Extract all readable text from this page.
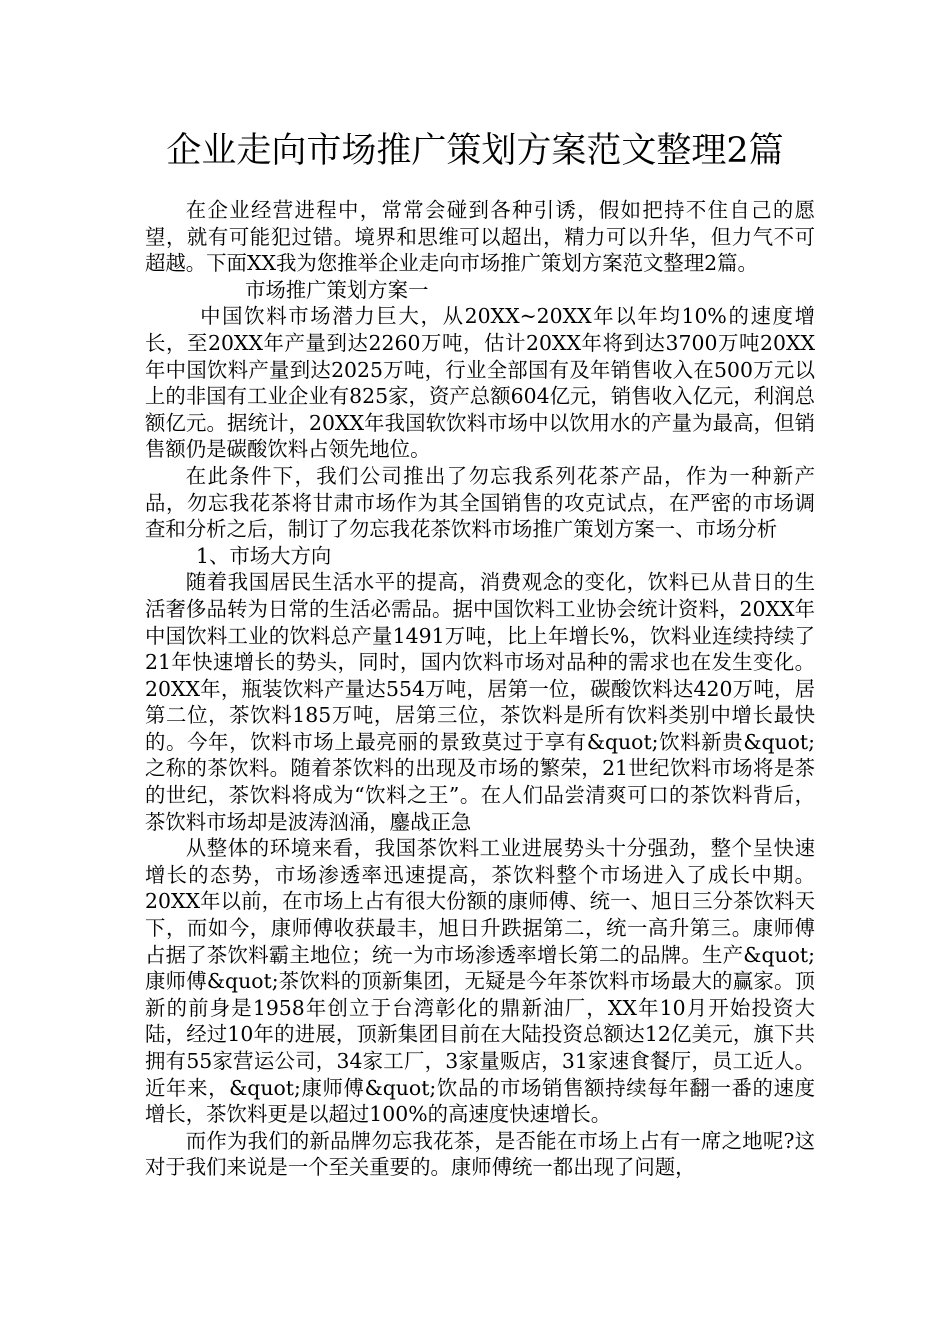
企业走向市场推广策划方案范文整理2篇

在企业经营进程中，常常会碰到各种引诱，假如把持不住自己的愿望，就有可能犯过错。境界和思维可以超出，精力可以升华，但力气不可超越。下面XX我为您推举企业走向市场推广策划方案范文整理2篇。

市场推广策划方案一

中国饮料市场潜力巨大，从20XX~20XX年以年均10%的速度增长，至20XX年产量到达2260万吨，估计20XX年将到达3700万吨20XX年中国饮料产量到达2025万吨，行业全部国有及年销售收入在500万元以上的非国有工业企业有825家，资产总额604亿元，销售收入亿元，利润总额亿元。据统计，20XX年我国软饮料市场中以饮用水的产量为最高，但销售额仍是碳酸饮料占领先地位。

在此条件下，我们公司推出了勿忘我系列花茶产品，作为一种新产品，勿忘我花茶将甘肃市场作为其全国销售的攻克试点，在严密的市场调查和分析之后，制订了勿忘我花茶饮料市场推广策划方案一、市场分析

1、市场大方向

随着我国居民生活水平的提高，消费观念的变化，饮料已从昔日的生活奢侈品转为日常的生活必需品。据中国饮料工业协会统计资料，20XX年中国饮料工业的饮料总产量1491万吨，比上年增长%，饮料业连续持续了21年快速增长的势头，同时，国内饮料市场对品种的需求也在发生变化。20XX年，瓶装饮料产量达554万吨，居第一位，碳酸饮料达420万吨，居第二位，茶饮料185万吨，居第三位，茶饮料是所有饮料类别中增长最快的。今年，饮料市场上最亮丽的景致莫过于享有&quot;饮料新贵&quot;之称的茶饮料。随着茶饮料的出现及市场的繁荣，21世纪饮料市场将是茶的世纪，茶饮料将成为“饮料之王”。在人们品尝清爽可口的茶饮料背后，茶饮料市场却是波涛汹涌，鏖战正急

从整体的环境来看，我国茶饮料工业进展势头十分强劲，整个呈快速增长的态势，市场渗透率迅速提高，茶饮料整个市场进入了成长中期。20XX年以前，在市场上占有很大份额的康师傅、统一、旭日三分茶饮料天下，而如今，康师傅收获最丰，旭日升跌据第二，统一高升第三。康师傅占据了茶饮料霸主地位；统一为市场渗透率增长第二的品牌。生产&quot;康师傅&quot;茶饮料的顶新集团，无疑是今年茶饮料市场最大的赢家。顶新的前身是1958年创立于台湾彰化的鼎新油厂，XX年10月开始投资大陆，经过10年的进展，顶新集团目前在大陆投资总额达12亿美元，旗下共拥有55家营运公司，34家工厂，3家量贩店，31家速食餐厅，员工近人。近年来，&quot;康师傅&quot;饮品的市场销售额持续每年翻一番的速度增长，茶饮料更是以超过100%的高速度快速增长。

而作为我们的新品牌勿忘我花茶，是否能在市场上占有一席之地呢?这对于我们来说是一个至关重要的。康师傅统一都出现了问题，
